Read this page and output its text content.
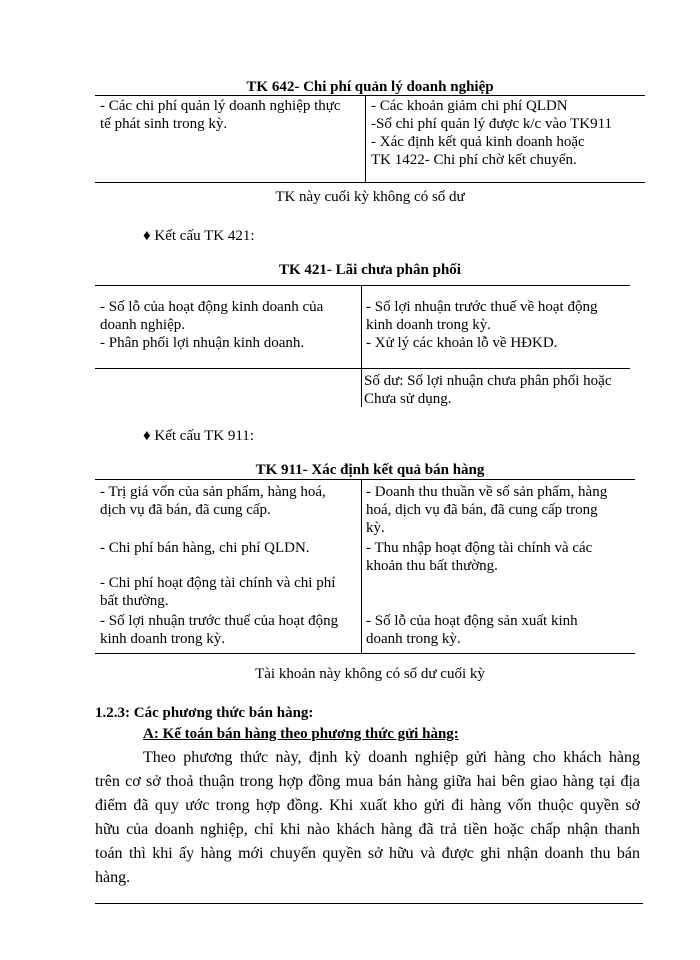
TK 642- Chi phí quản lý doanh nghiệp
- Các chi phí quản lý doanh nghiệp thực
tế phát sinh trong kỳ.
- Các khoản giảm chi phí QLDN
-Số chi phí quản lý được k/c vào TK911
- Xác định kết quả kinh doanh hoặc
TK 1422- Chi phí chờ kết chuyển.
TK này cuối kỳ không có số dư
♦ Kết cấu TK 421:
TK 421- Lãi chưa phân phối
- Số lỗ của hoạt động kinh doanh của
doanh nghiệp.
- Phân phối lợi nhuận kinh doanh.
- Số lợi nhuận trước thuế về hoạt động
kinh doanh trong kỳ.
- Xử lý các khoản lỗ về HĐKD.
Số dư: Số lợi nhuận chưa phân phối hoặc
Chưa sử dụng.
♦ Kết cấu TK 911:
TK 911- Xác định kết quả bán hàng
- Trị giá vốn của sản phẩm, hàng hoá,
dịch vụ đã bán, đã cung cấp.
- Chi phí bán hàng, chi phí QLDN.
- Chi phí hoạt động tài chính và chi phí
bất thường.
- Số lợi nhuận trước thuế của hoạt động
kinh doanh trong kỳ.
- Doanh thu thuần về số sản phẩm, hàng
hoá, dịch vụ đã bán, đã cung cấp trong
kỳ.
- Thu nhập hoạt động tài chính và các
khoản thu bất thường.
- Số lỗ của hoạt động sản xuất kinh
doanh trong kỳ.
Tài khoản này không có số dư cuối kỳ
1.2.3: Các phương thức bán hàng:
A: Kế toán bán hàng theo phương thức gửi hàng:
Theo phương thức này, định kỳ doanh nghiệp gửi hàng cho khách hàng
trên cơ sở thoả thuận trong hợp đồng mua bán hàng giữa hai bên giao hàng tại địa
điểm đã quy ước trong hợp đồng. Khi xuất kho gửi đi hàng vốn thuộc quyền sở
hữu của doanh nghiệp, chỉ khi nào khách hàng đã trả tiền hoặc chấp nhận thanh
toán thì khi ấy hàng mới chuyển quyền sở hữu và được ghi nhận doanh thu bán
hàng.
